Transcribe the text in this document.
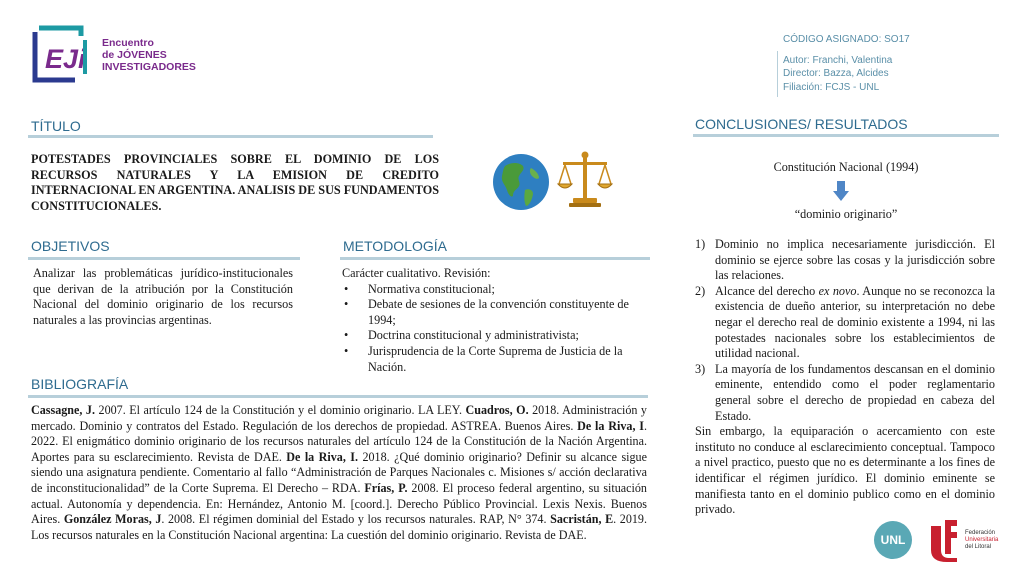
EJi
Encuentro
de JÓVENES
INVESTIGADORES
CÓDIGO ASIGNADO: SO17
Autor: Franchi, Valentina
Director: Bazza, Alcides
Filiación: FCJS - UNL
TÍTULO
POTESTADES PROVINCIALES SOBRE EL DOMINIO DE LOS RECURSOS NATURALES Y LA EMISION DE CREDITO INTERNACIONAL EN ARGENTINA. ANALISIS DE SUS FUNDAMENTOS CONSTITUCIONALES.
OBJETIVOS
Analizar las problemáticas jurídico-institucionales que derivan de la atribución por la Constitución Nacional del dominio originario de los recursos naturales a las provincias argentinas.
METODOLOGÍA
Carácter cualitativo. Revisión:
• Normativa constitucional;
• Debate de sesiones de la convención constituyente de 1994;
• Doctrina constitucional y administrativista;
• Jurisprudencia de la Corte Suprema de Justicia de la Nación.
BIBLIOGRAFÍA
Cassagne, J. 2007. El artículo 124 de la Constitución y el dominio originario. LA LEY. Cuadros, O. 2018. Administración y mercado. Dominio y contratos del Estado. Regulación de los derechos de propiedad. ASTREA. Buenos Aires. De la Riva, I. 2022. El enigmático dominio originario de los recursos naturales del artículo 124 de la Constitución de la Nación Argentina. Aportes para su esclarecimiento. Revista de DAE. De la Riva, I. 2018. ¿Qué dominio originario? Definir su alcance sigue siendo una asignatura pendiente. Comentario al fallo “Administración de Parques Nacionales c. Misiones s/ acción declarativa de inconstitucionalidad” de la Corte Suprema. El Derecho – RDA. Frías, P. 2008. El proceso federal argentino, su situación actual. Autonomía y dependencia. En: Hernández, Antonio M. [coord.]. Derecho Público Provincial. Lexis Nexis. Buenos Aires. González Moras, J. 2008. El régimen dominial del Estado y los recursos naturales. RAP, N° 374. Sacristán, E. 2019. Los recursos naturales en la Constitución Nacional argentina: La cuestión del dominio originario. Revista de DAE.
CONCLUSIONES/ RESULTADOS
Constitución Nacional (1994)
“dominio originario”
1) Dominio no implica necesariamente jurisdicción. El dominio se ejerce sobre las cosas y la jurisdicción sobre las relaciones.
2) Alcance del derecho ex novo. Aunque no se reconozca la existencia de dueño anterior, su interpretación no debe negar el derecho real de dominio existente a 1994, ni las potestades nacionales sobre los establecimientos de utilidad nacional.
3) La mayoría de los fundamentos descansan en el dominio eminente, entendido como el poder reglamentario general sobre el derecho de propiedad en cabeza del Estado.
Sin embargo, la equiparación o acercamiento con este instituto no conduce al esclarecimiento conceptual. Tampoco a nivel practico, puesto que no es determinante a los fines de identificar el régimen jurídico. El dominio eminente se manifiesta tanto en el dominio publico como en el dominio privado.
UNL	Federación
Universitaria
del Litoral
